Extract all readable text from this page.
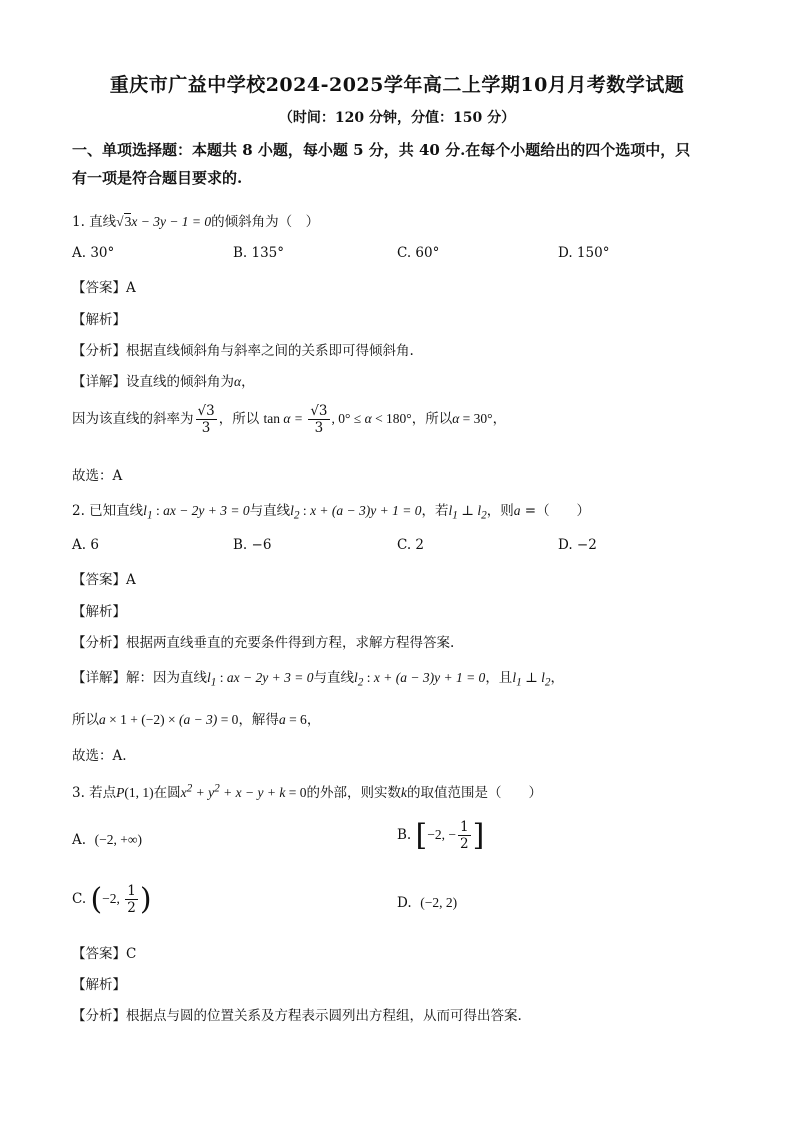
重庆市广益中学校2024-2025学年高二上学期10月月考数学试题
（时间：120 分钟，分值：150 分）
一、单项选择题：本题共 8 小题，每小题 5 分，共 40 分.在每个小题给出的四个选项中，只
有一项是符合题目要求的.
1. 直线√3x − 3y − 1 = 0的倾斜角为（　）
A. 30°	B. 135°	C. 60°	D. 150°
【答案】A
【解析】
【分析】根据直线倾斜角与斜率之间的关系即可得倾斜角.
【详解】设直线的倾斜角为α，
因为该直线的斜率为 $\frac{√3}{3}$ ，所以 $\tan \alpha = \frac{√3}{3}$ , 0° ≤ α < 180°，所以α = 30°，
故选：A
2. 已知直线$l_1$ : ax − 2y + 3 = 0与直线$l_2$ : x + (a − 3)y + 1 = 0，若$l_1$ ⊥ $l_2$，则a =（　　）
A. 6	B. −6	C. 2	D. −2
【答案】A
【解析】
【分析】根据两直线垂直的充要条件得到方程，求解方程得答案.
【详解】解：因为直线$l_1$ : ax − 2y + 3 = 0与直线$l_2$ : x + (a − 3)y + 1 = 0，且$l_1$ ⊥ $l_2$，
所以a × 1 + (−2) × (a − 3) = 0，解得a = 6，
故选：A.
3. 若点P(1, 1)在圆$x^2 + y^2 + x - y + k = 0$的外部，则实数k的取值范围是（　　）
A. (−2, +∞)	B. [−2, − $\frac{1}{2}$ ]
C. (−2, $\frac{1}{2}$ )	D. (−2, 2)
【答案】C
【解析】
【分析】根据点与圆的位置关系及方程表示圆列出方程组，从而可得出答案.
